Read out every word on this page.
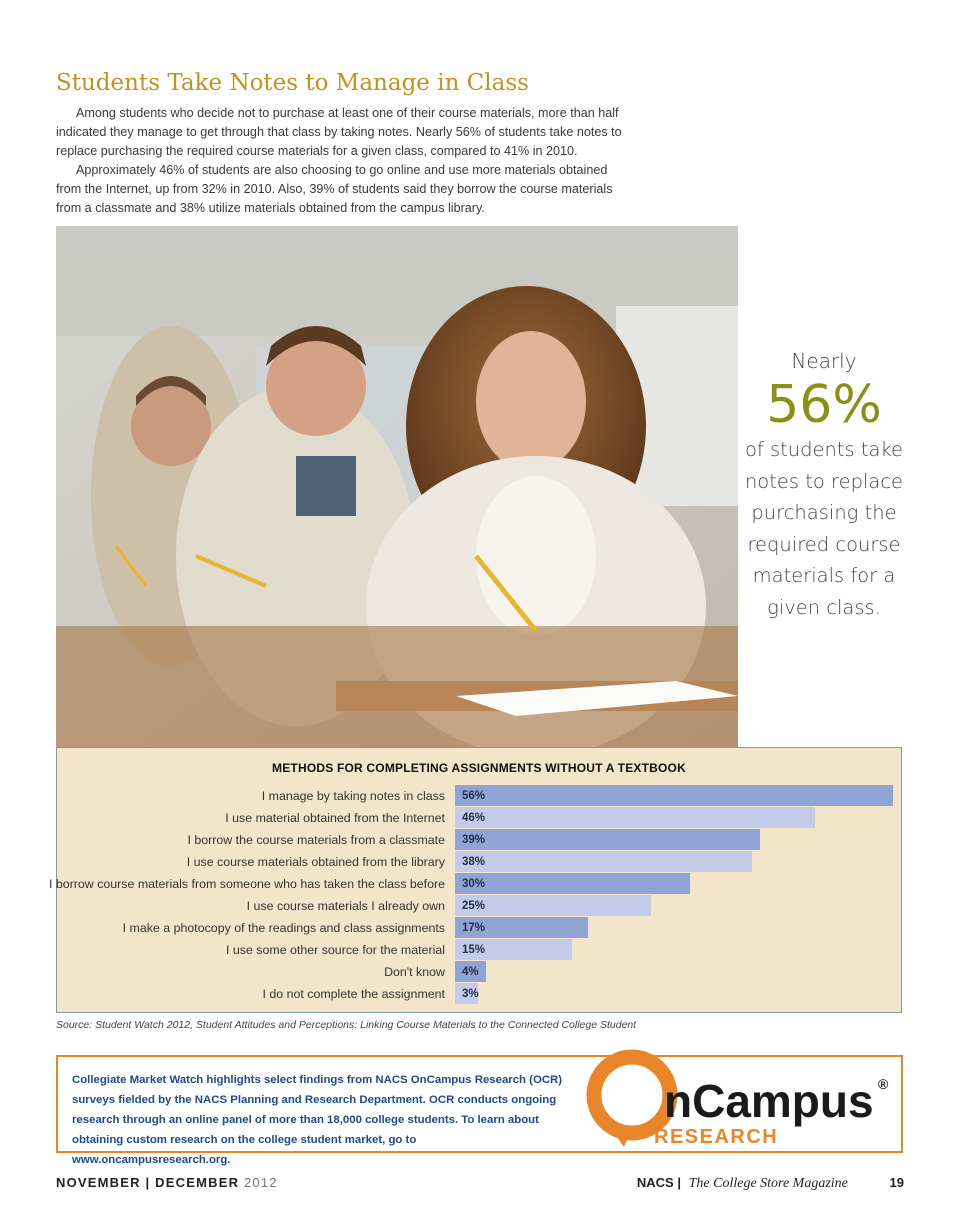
Students Take Notes to Manage in Class

Among students who decide not to purchase at least one of their course materials, more than half indicated they manage to get through that class by taking notes. Nearly 56% of students take notes to replace purchasing the required course materials for a given class, compared to 41% in 2010.

Approximately 46% of students are also choosing to go online and use more materials obtained from the Internet, up from 32% in 2010. Also, 39% of students said they borrow the course materials from a classmate and 38% utilize materials obtained from the campus library.

Nearly
56%
of students take notes to replace purchasing the required course materials for a given class.
METHODS FOR COMPLETING ASSIGNMENTS WITHOUT A TEXTBOOK
I manage by taking notes in class 56%
I use material obtained from the Internet 46%
I borrow the course materials from a classmate 39%
I use course materials obtained from the library 38%
I borrow course materials from someone who has taken the class before 30%
I use course materials I already own 25%
I make a photocopy of the readings and class assignments 17%
I use some other source for the material 15%
Don't know 4%
I do not complete the assignment 3%
Source: Student Watch 2012, Student Attitudes and Perceptions: Linking Course Materials to the Connected College Student
Collegiate Market Watch highlights select findings from NACS OnCampus Research (OCR) surveys fielded by the NACS Planning and Research Department. OCR conducts ongoing research through an online panel of more than 18,000 college students. To learn about obtaining custom research on the college student market, go to www.oncampusresearch.org.
nCampus ®
RESEARCH
NOVEMBER | DECEMBER 2012	NACS | The College Store Magazine	19
